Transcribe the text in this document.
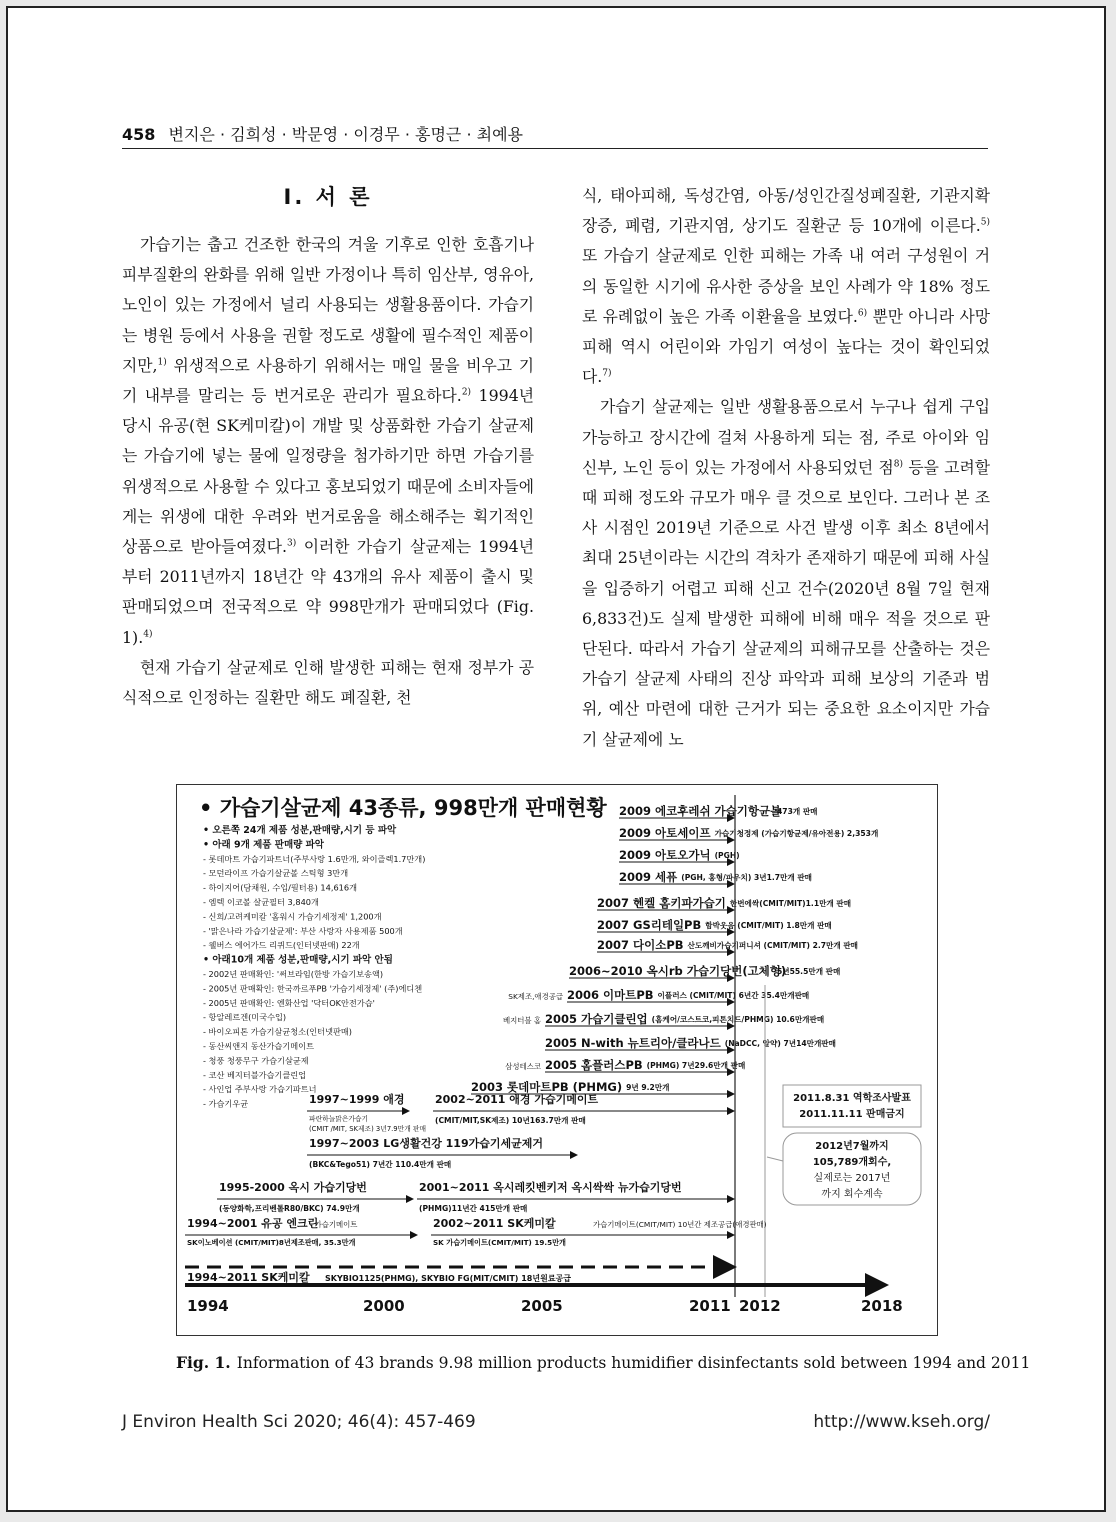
458 변지은 · 김희성 · 박문영 · 이경무 · 홍명근 · 최예용
I. 서 론

가습기는 춥고 건조한 한국의 겨울 기후로 인한 호흡기나 피부질환의 완화를 위해 일반 가정이나 특히 임산부, 영유아, 노인이 있는 가정에서 널리 사용되는 생활용품이다. 가습기는 병원 등에서 사용을 권할 정도로 생활에 필수적인 제품이지만,$^{1)}$ 위생적으로 사용하기 위해서는 매일 물을 비우고 기기 내부를 말리는 등 번거로운 관리가 필요하다.$^{2)}$ 1994년 당시 유공(현 SK케미칼)이 개발 및 상품화한 가습기 살균제는 가습기에 넣는 물에 일정량을 첨가하기만 하면 가습기를 위생적으로 사용할 수 있다고 홍보되었기 때문에 소비자들에게는 위생에 대한 우려와 번거로움을 해소해주는 획기적인 상품으로 받아들여졌다.$^{3)}$ 이러한 가습기 살균제는 1994년부터 2011년까지 18년간 약 43개의 유사 제품이 출시 및 판매되었으며 전국적으로 약 998만개가 판매되었다 (Fig. 1).$^{4)}$

현재 가습기 살균제로 인해 발생한 피해는 현재 정부가 공식적으로 인정하는 질환만 해도 폐질환, 천

식, 태아피해, 독성간염, 아동/성인간질성폐질환, 기관지확장증, 폐렴, 기관지염, 상기도 질환군 등 10개에 이른다.$^{5)}$ 또 가습기 살균제로 인한 피해는 가족 내 여러 구성원이 거의 동일한 시기에 유사한 증상을 보인 사례가 약 18% 정도로 유례없이 높은 가족 이환율을 보였다.$^{6)}$ 뿐만 아니라 사망 피해 역시 어린이와 가임기 여성이 높다는 것이 확인되었다.$^{7)}$

가습기 살균제는 일반 생활용품으로서 누구나 쉽게 구입 가능하고 장시간에 걸쳐 사용하게 되는 점, 주로 아이와 임신부, 노인 등이 있는 가정에서 사용되었던 점$^{8)}$ 등을 고려할 때 피해 정도와 규모가 매우 클 것으로 보인다. 그러나 본 조사 시점인 2019년 기준으로 사건 발생 이후 최소 8년에서 최대 25년이라는 시간의 격차가 존재하기 때문에 피해 사실을 입증하기 어렵고 피해 신고 건수(2020년 8월 7일 현재 6,833건)도 실제 발생한 피해에 비해 매우 적을 것으로 판단된다. 따라서 가습기 살균제의 피해규모를 산출하는 것은 가습기 살균제 사태의 진상 파악과 피해 보상의 기준과 범위, 예산 마련에 대한 근거가 되는 중요한 요소이지만 가습기 살균제에 노

• 가습기살균제 43종류, 998만개 판매현황
• 오른쪽 24개 제품 성분,판매량,시기 등 파악
• 아래 9개 제품 판매량 파악
- 롯데마트 가습기파트너(주부사랑 1.6만개, 와이즐렉1.7만개)
- 모던라이프 가습기살균볼 스틱형 3만개
- 하이지어(담채원, 수입/필터용) 14,616개
- 엠텍 이코볼 살균필터 3,840개
- 신희/고려케미칼 '홈워시 가습기세정제' 1,200개
- '맑은나라 가습기살균제': 부산 사랑자 사용제품 500개
- 웰버스 에어가드 리퀴드(인터넷판매) 22개
• 아래10개 제품 성분,판매량,시기 파악 안됨
- 2002년 판매확인: '써브라임(한방 가습기보송액)
- 2005년 판매확인: 한국까르푸PB '가습기세정제' (주)에디첸
- 2005년 판매확인: 엔화산업 '닥터OK안전가습'
- 항알레르겐(미국수입)
- 바이오피톤 가습기살균청소(인터넷판매)
- 동산씨앤지 동산가습기메이트
- 청풍 청풍무구 가습기살균제
- 코산 베지터블가습기클린업
- 사인업 주부사랑 가습기파트너
- 가습기우균
2009 에코후레쉬 가습기항균볼
473개 판매
2009 아토세이프 가습기청정제 (가습기항균제/유아전용) 2,353개
2009 아토오가닉 (PGH)
2009 세퓨 (PGH, 홍형/파우치) 3년1.7만개 판매
2007 헨켈 홈키파가습기 한번에싹(CMIT/MIT)1.1만개 판매
2007 GS리테일PB 함박웃음 (CMIT/MIT) 1.8만개 판매
2007 다이소PB 산도깨비가습기퍼니셔 (CMIT/MIT) 2.7만개 판매
2006~2010 옥시rb 가습기당번(고체형)
5년55.5만개 판매
SK제조,애경공급 2006 이마트PB 이플러스 (CMIT/MIT) 6년간 35.4만개판매
베지터블 홈 2005 가습기클린업 (홈케어/코스트코,피톤치드/PHMG) 10.6만개판매
2005 N-with 뉴트리아/클라나드 (NaDCC, 알약) 7년14만개판매
삼성테스코 2005 홈플러스PB (PHMG) 7년29.6만개 판매
2003 롯데마트PB (PHMG) 9년 9.2만개
2011.8.31 역학조사발표
2011.11.11 판매금지
2012년7월까지
105,789개회수,
실제로는 2017년
까지 회수계속
1997~1999 애경
파란하늘맑은가습기
(CMIT /MIT, SK제조) 3년7.9만개 판매
2002~2011 애경 가습기메이트
(CMIT/MIT,SK제조) 10년163.7만개 판매
1997~2003 LG생활건강 119가습기세균제거
(BKC&Tego51) 7년간 110.4만개 판매
1995-2000 옥시 가습기당번
(동양화학,프리벤톨R80/BKC) 74.9만개
2001~2011 옥시레킷벤키저 옥시싹싹 뉴가습기당번
(PHMG)11년간 415만개 판매
1994~2001 유공 엔크린
가습기메이트
SK이노베이션 (CMIT/MIT)8년제조판매, 35.3만개
2002~2011 SK케미칼	가습기메이트(CMIT/MIT) 10년간 제조공급(애경판매)
SK 가습기메이트(CMIT/MIT) 19.5만개
1994~2011 SK케미칼 SKYBIO1125(PHMG), SKYBIO FG(MIT/CMIT) 18년원료공급
1994	2000	2005	2011 2012	2018
Fig. 1. Information of 43 brands 9.98 million products humidifier disinfectants sold between 1994 and 2011
J Environ Health Sci 2020; 46(4): 457-469	http://www.kseh.org/
